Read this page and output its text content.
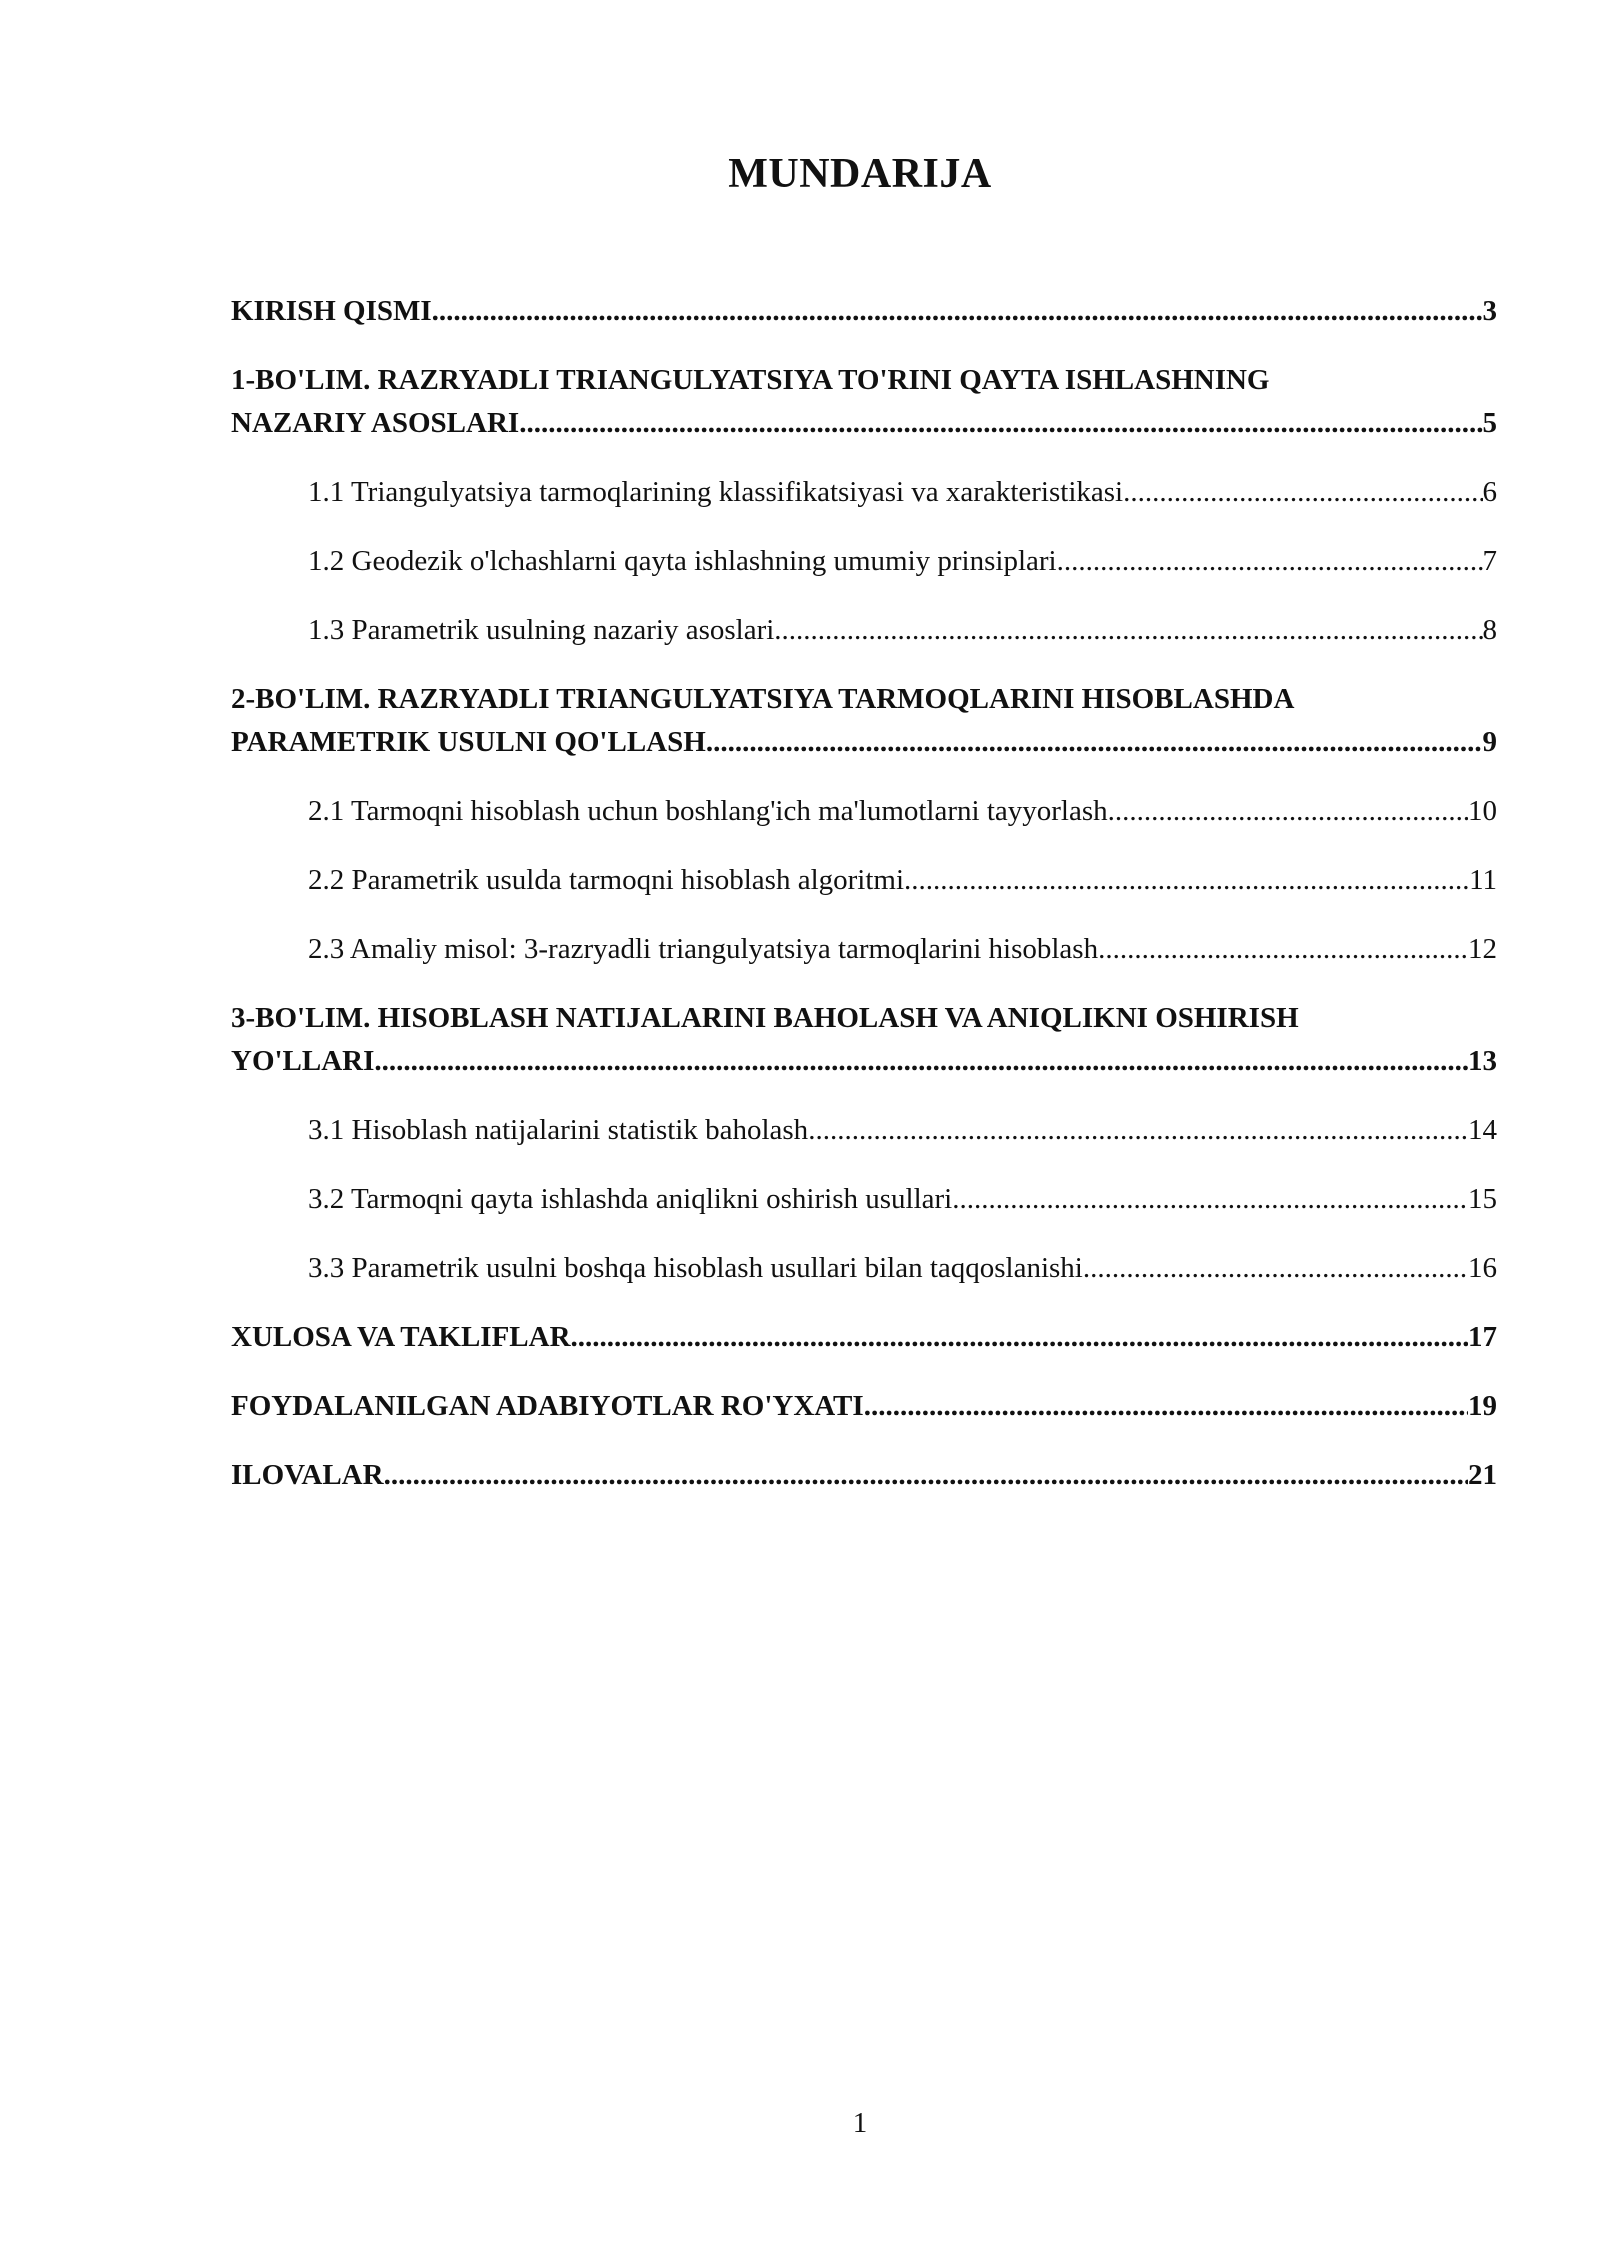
MUNDARIJA
KIRISH QISMI .....	3
1-BO'LIM. RAZRYADLI TRIANGULYATSIYA TO'RINI QAYTA ISHLASHNING
NAZARIY ASOSLARI .....	5
1.1 Triangulyatsiya tarmoqlarining klassifikatsiyasi va xarakteristikasi .....	6
1.2 Geodezik o'lchashlarni qayta ishlashning umumiy prinsiplari .....	7
1.3 Parametrik usulning nazariy asoslari .....	8
2-BO'LIM. RAZRYADLI TRIANGULYATSIYA TARMOQLARINI HISOBLASHDA
PARAMETRIK USULNI QO'LLASH .....	9
2.1 Tarmoqni hisoblash uchun boshlang'ich ma'lumotlarni tayyorlash .....	10
2.2 Parametrik usulda tarmoqni hisoblash algoritmi .....	11
2.3 Amaliy misol: 3-razryadli triangulyatsiya tarmoqlarini hisoblash .....	12
3-BO'LIM. HISOBLASH NATIJALARINI BAHOLASH VA ANIQLIKNI OSHIRISH
YO'LLARI .....	13
3.1 Hisoblash natijalarini statistik baholash .....	14
3.2 Tarmoqni qayta ishlashda aniqlikni oshirish usullari .....	15
3.3 Parametrik usulni boshqa hisoblash usullari bilan taqqoslanishi .....	16
XULOSA VA TAKLIFLAR .....	17
FOYDALANILGAN ADABIYOTLAR RO'YXATI .....	19
ILOVALAR .....	21
1
